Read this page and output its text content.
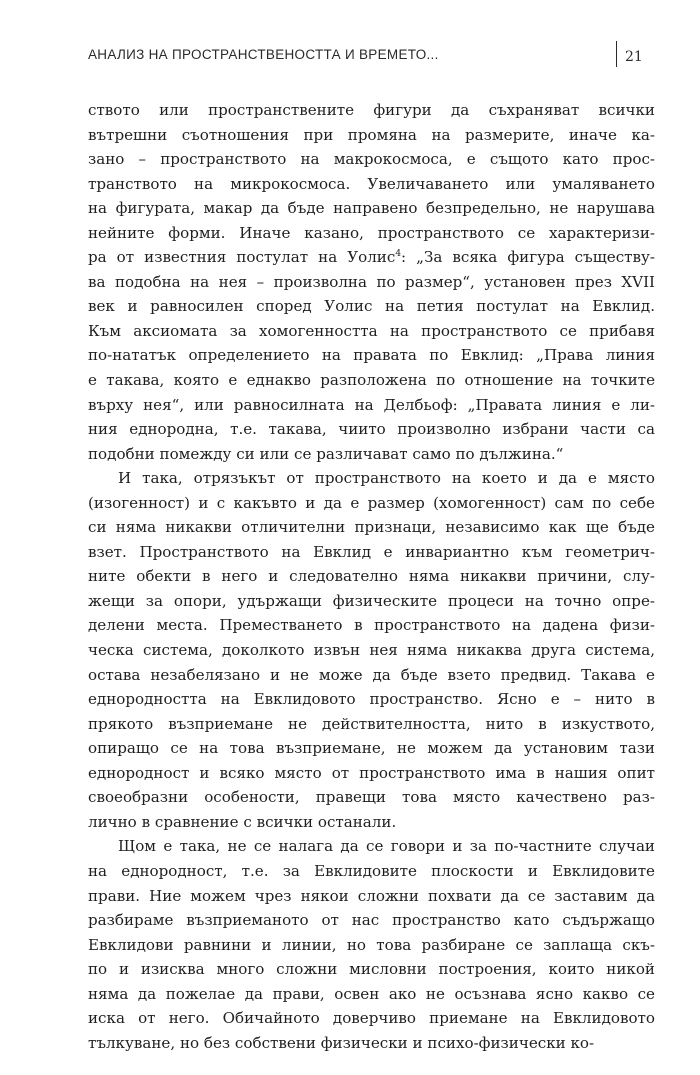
АНАЛИЗ НА ПРОСТРАНСТВЕНОСТТА И ВРЕМЕТО...	21
ството или пространствените фигури да съхраняват всички
вътрешни съотношения при промяна на размерите, иначе ка-
зано – пространството на макрокосмоса, е същото като прос-
транството на микрокосмоса. Увеличаването или умаляването
на фигурата, макар да бъде направено безпредельно, не нарушава
нейните форми. Иначе казано, пространството се характеризи-
ра от известния постулат на Уолис$^4$: „За всяка фигура съществу-
ва подобна на нея – произволна по размер“, установен през XVII
век и равносилен според Уолис на петия постулат на Евклид.
Към аксиомата за хомогенността на пространството се прибавя
по-нататък определението на правата по Евклид: „Права линия
е такава, която е еднакво разположена по отношение на точките
върху нея“, или равносилната на Делбьоф: „Правата линия е ли-
ния еднородна, т.е. такава, чиито произволно избрани части са
подобни помежду си или се различават само по дължина.“
И така, отрязъкът от пространството на което и да е място
(изогенност) и с какъвто и да е размер (хомогенност) сам по себе
си няма никакви отличителни признаци, независимо как ще бъде
взет. Пространството на Евклид е инвариантно към геометрич-
ните обекти в него и следователно няма никакви причини, слу-
жещи за опори, удържащи физическите процеси на точно опре-
делени места. Преместването в пространството на дадена физи-
ческа система, доколкото извън нея няма никаква друга система,
остава незабелязано и не може да бъде взето предвид. Такава е
еднородността на Евклидовото пространство. Ясно е – нито в
прякото възприемане не действителността, нито в изкуството,
опиращо се на това възприемане, не можем да установим тази
еднородност и всяко място от пространството има в нашия опит
своеобразни особености, правещи това място качествено раз-
лично в сравнение с всички останали.
Щом е така, не се налага да се говори и за по-частните случаи
на еднородност, т.е. за Евклидовите плоскости и Евклидовите
прави. Ние можем чрез някои сложни похвати да се заставим да
разбираме възприеманото от нас пространство като съдържащо
Евклидови равнини и линии, но това разбиране се заплаща скъ-
по и изисква много сложни мисловни построения, които никой
няма да пожелае да прави, освен ако не осъзнава ясно какво се
иска от него. Обичайното доверчиво приемане на Евклидовото
тълкуване, но без собствени физически и психо-физически ко-
